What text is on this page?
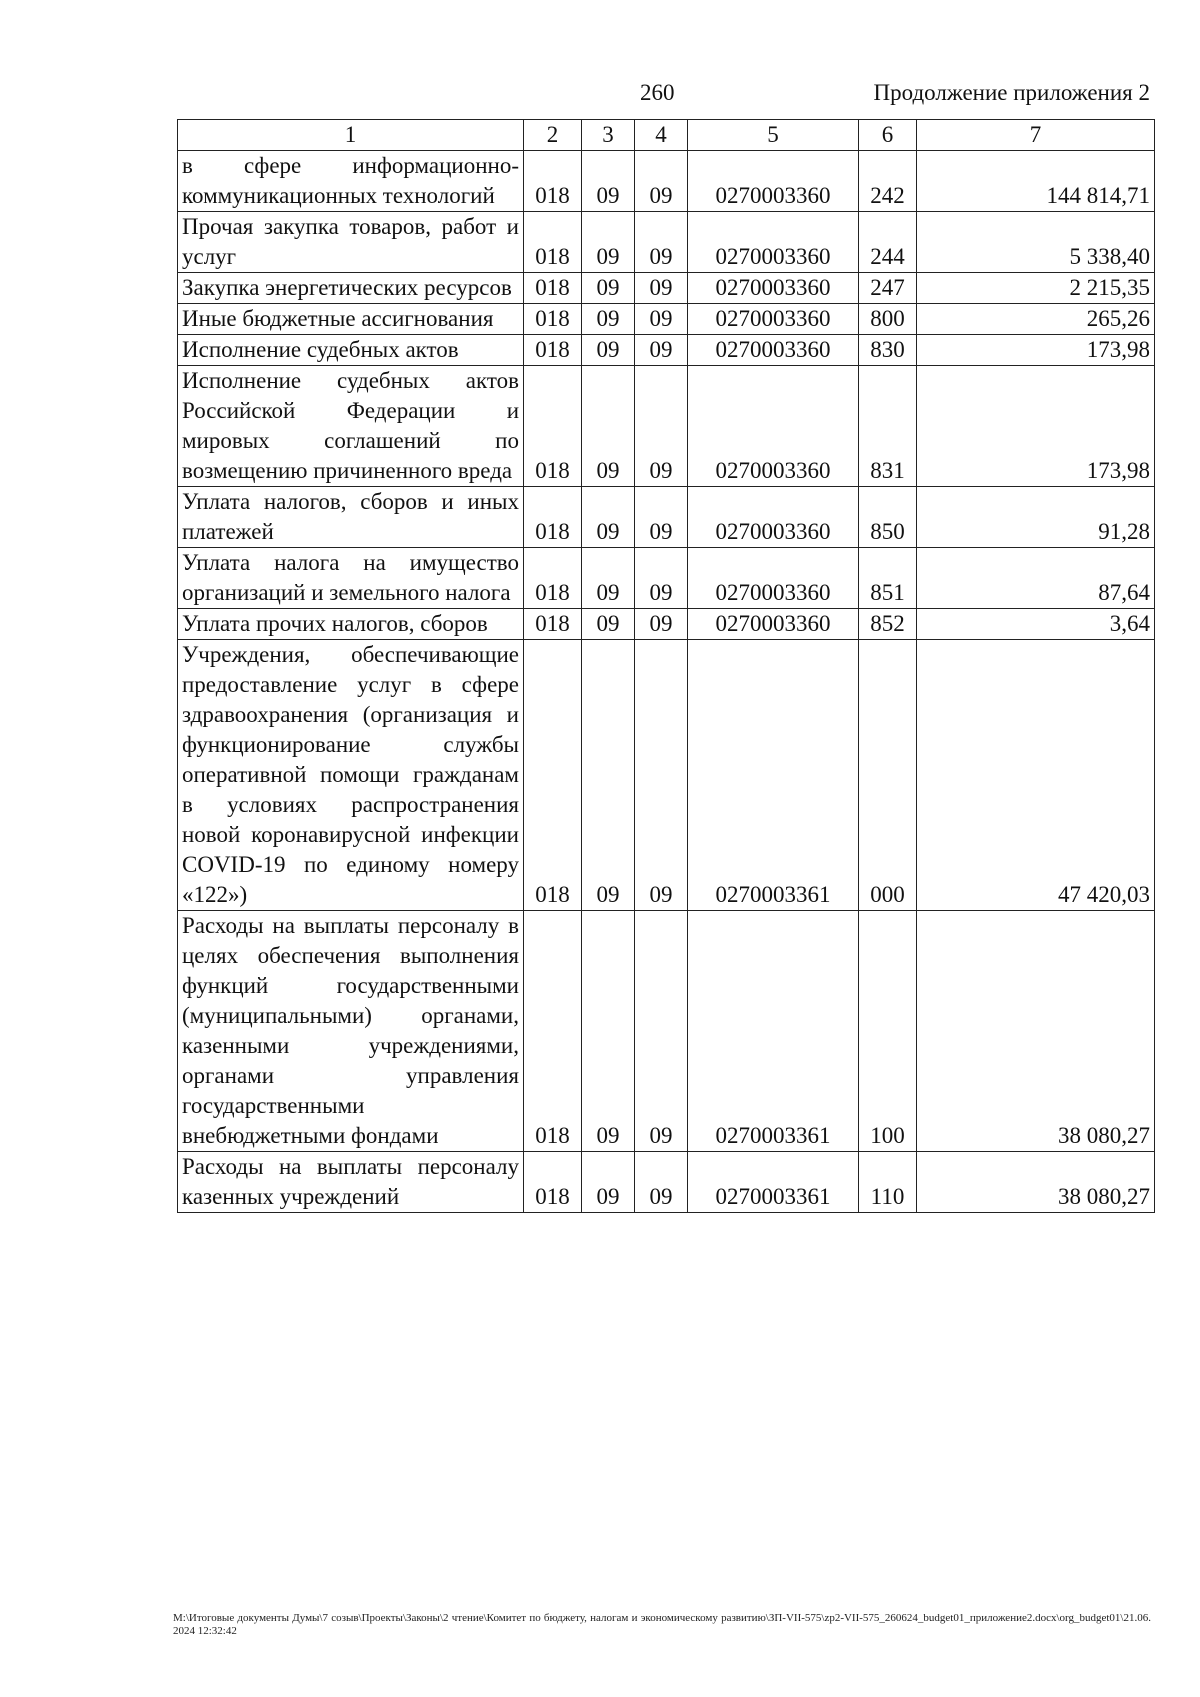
260	Продолжение приложения 2
1	2	3	4	5	6	7
в сфере информационно-коммуникационных технологий	018	09	09	0270003360	242	144 814,71
Прочая закупка товаров, работ и услуг	018	09	09	0270003360	244	5 338,40
Закупка энергетических ресурсов	018	09	09	0270003360	247	2 215,35
Иные бюджетные ассигнования	018	09	09	0270003360	800	265,26
Исполнение судебных актов	018	09	09	0270003360	830	173,98
Исполнение судебных актов Российской Федерации и мировых соглашений по возмещению причиненного вреда	018	09	09	0270003360	831	173,98
Уплата налогов, сборов и иных платежей	018	09	09	0270003360	850	91,28
Уплата налога на имущество организаций и земельного налога	018	09	09	0270003360	851	87,64
Уплата прочих налогов, сборов	018	09	09	0270003360	852	3,64
Учреждения, обеспечивающие предоставление услуг в сфере здравоохранения (организация и функционирование службы оперативной помощи гражданам в условиях распространения новой коронавирусной инфекции COVID-19 по единому номеру «122»)	018	09	09	0270003361	000	47 420,03
Расходы на выплаты персоналу в целях обеспечения выполнения функций государственными (муниципальными) органами, казенными учреждениями, органами управления государственными внебюджетными фондами	018	09	09	0270003361	100	38 080,27
Расходы на выплаты персоналу казенных учреждений	018	09	09	0270003361	110	38 080,27
M:\Итоговые документы Думы\7 созыв\Проекты\Законы\2 чтение\Комитет по бюджету, налогам и экономическому развитию\ЗП-VII-575\zp2-VII-575_260624_budget01_приложение2.docx\org_budget01\21.06.2024 12:32:42
